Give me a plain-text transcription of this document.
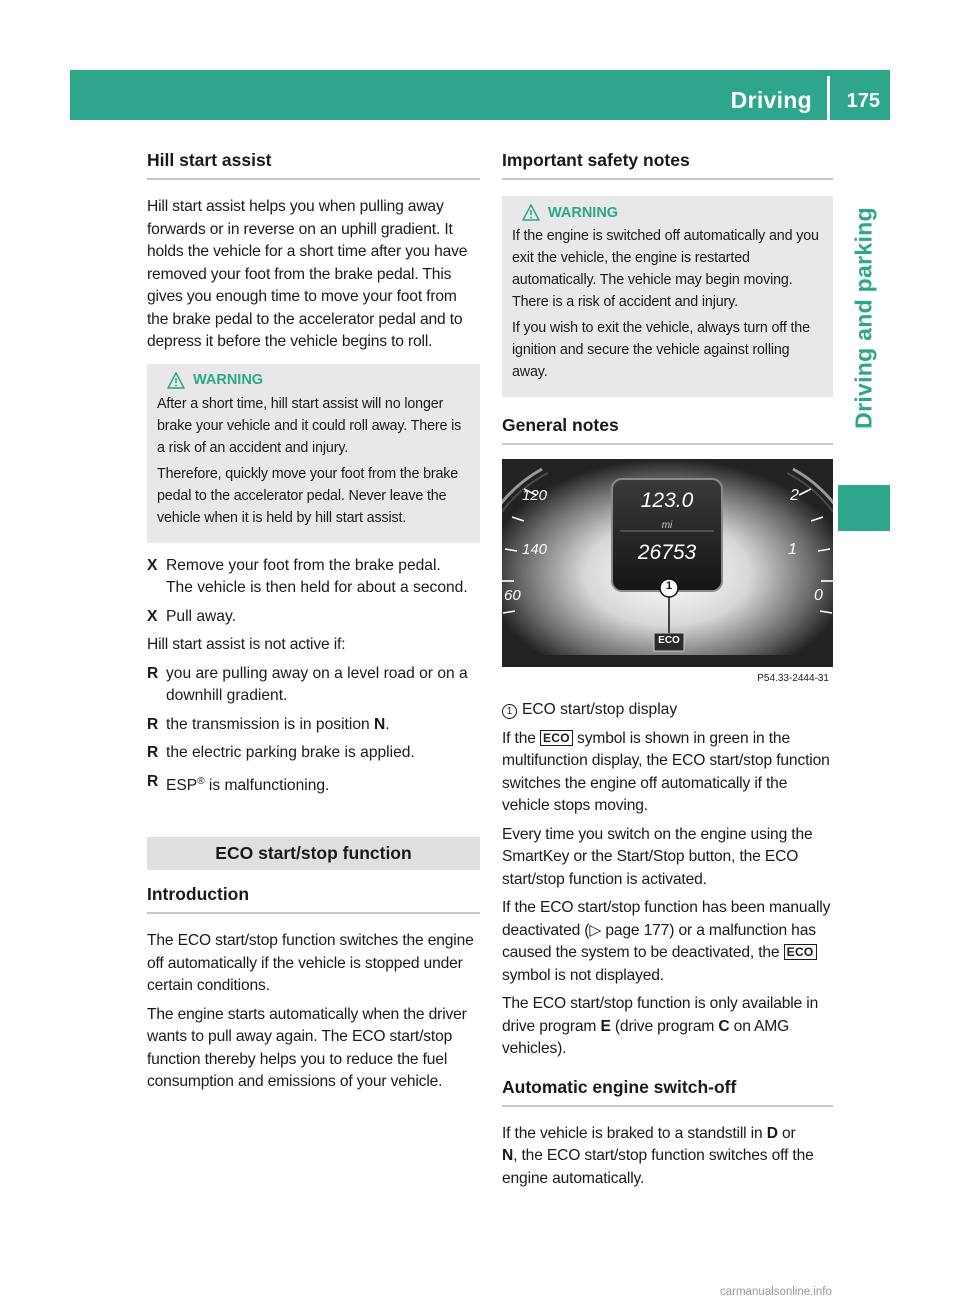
Driving 175
Driving and parking
Hill start assist

Hill start assist helps you when pulling away forwards or in reverse on an uphill gradient. It holds the vehicle for a short time after you have removed your foot from the brake pedal. This gives you enough time to move your foot from the brake pedal to the accelerator pedal and to depress it before the vehicle begins to roll.

WARNING

After a short time, hill start assist will no longer brake your vehicle and it could roll away. There is a risk of an accident and injury.

Therefore, quickly move your foot from the brake pedal to the accelerator pedal. Never leave the vehicle when it is held by hill start assist.

X Remove your foot from the brake pedal.
The vehicle is then held for about a second.
X Pull away.

Hill start assist is not active if:

R you are pulling away on a level road or on a downhill gradient.
R the transmission is in position N.
R the electric parking brake is applied.
R ESP® is malfunctioning.
ECO start/stop function
Introduction

The ECO start/stop function switches the engine off automatically if the vehicle is stopped under certain conditions.

The engine starts automatically when the driver wants to pull away again. The ECO start/stop function thereby helps you to reduce the fuel consumption and emissions of your vehicle.

Important safety notes
WARNING

If the engine is switched off automatically and you exit the vehicle, the engine is restarted automatically. The vehicle may begin moving. There is a risk of accident and injury.

If you wish to exit the vehicle, always turn off the ignition and secure the vehicle against rolling away.

General notes
120
140
60
2
1
0
123.0
mi
26753
1
ECO
P54.33-2444-31
1 ECO start/stop display

If the ECO symbol is shown in green in the multifunction display, the ECO start/stop function switches the engine off automatically if the vehicle stops moving.

Every time you switch on the engine using the SmartKey or the Start/Stop button, the ECO start/stop function is activated.

If the ECO start/stop function has been manually deactivated (▷ page 177) or a malfunction has caused the system to be deactivated, the ECO symbol is not displayed.

The ECO start/stop function is only available in drive program E (drive program C on AMG vehicles).

Automatic engine switch-off

If the vehicle is braked to a standstill in D or
N, the ECO start/stop function switches off the engine automatically.

carmanualsonline.info
